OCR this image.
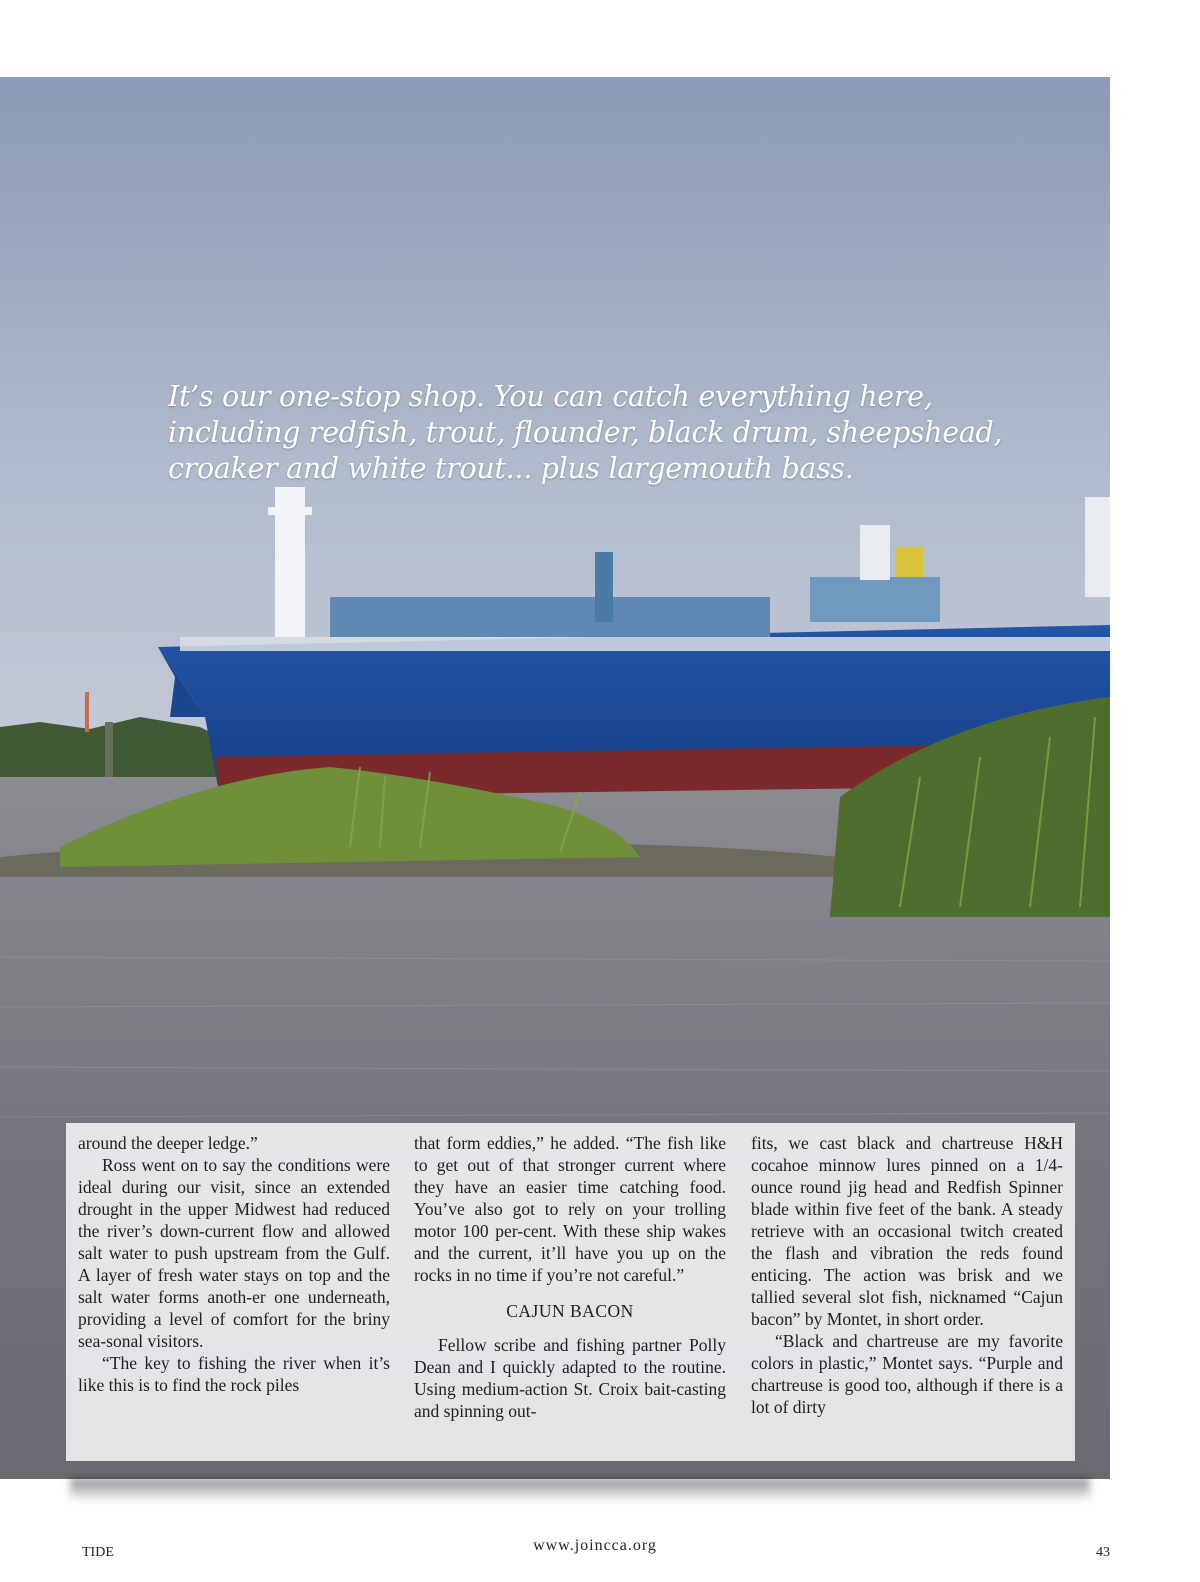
It’s our one-stop shop. You can catch everything here, including redfish, trout, flounder, black drum, sheepshead, croaker and white trout... plus largemouth bass.

around the deeper ledge.”

Ross went on to say the conditions were ideal during our visit, since an extended drought in the upper Midwest had reduced the river’s down-current flow and allowed salt water to push upstream from the Gulf. A layer of fresh water stays on top and the salt water forms anoth-er one underneath, providing a level of comfort for the briny sea-sonal visitors.

“The key to fishing the river when it’s like this is to find the rock piles

that form eddies,” he added. “The fish like to get out of that stronger current where they have an easier time catching food. You’ve also got to rely on your trolling motor 100 per-cent. With these ship wakes and the current, it’ll have you up on the rocks in no time if you’re not careful.”

CAJUN BACON

Fellow scribe and fishing partner Polly Dean and I quickly adapted to the routine. Using medium-action St. Croix bait-casting and spinning out-

fits, we cast black and chartreuse H&H cocahoe minnow lures pinned on a 1/4-ounce round jig head and Redfish Spinner blade within five feet of the bank. A steady retrieve with an occasional twitch created the flash and vibration the reds found enticing. The action was brisk and we tallied several slot fish, nicknamed “Cajun bacon” by Montet, in short order.

“Black and chartreuse are my favorite colors in plastic,” Montet says. “Purple and chartreuse is good too, although if there is a lot of dirty

TIDE	www.joincca.org	43
